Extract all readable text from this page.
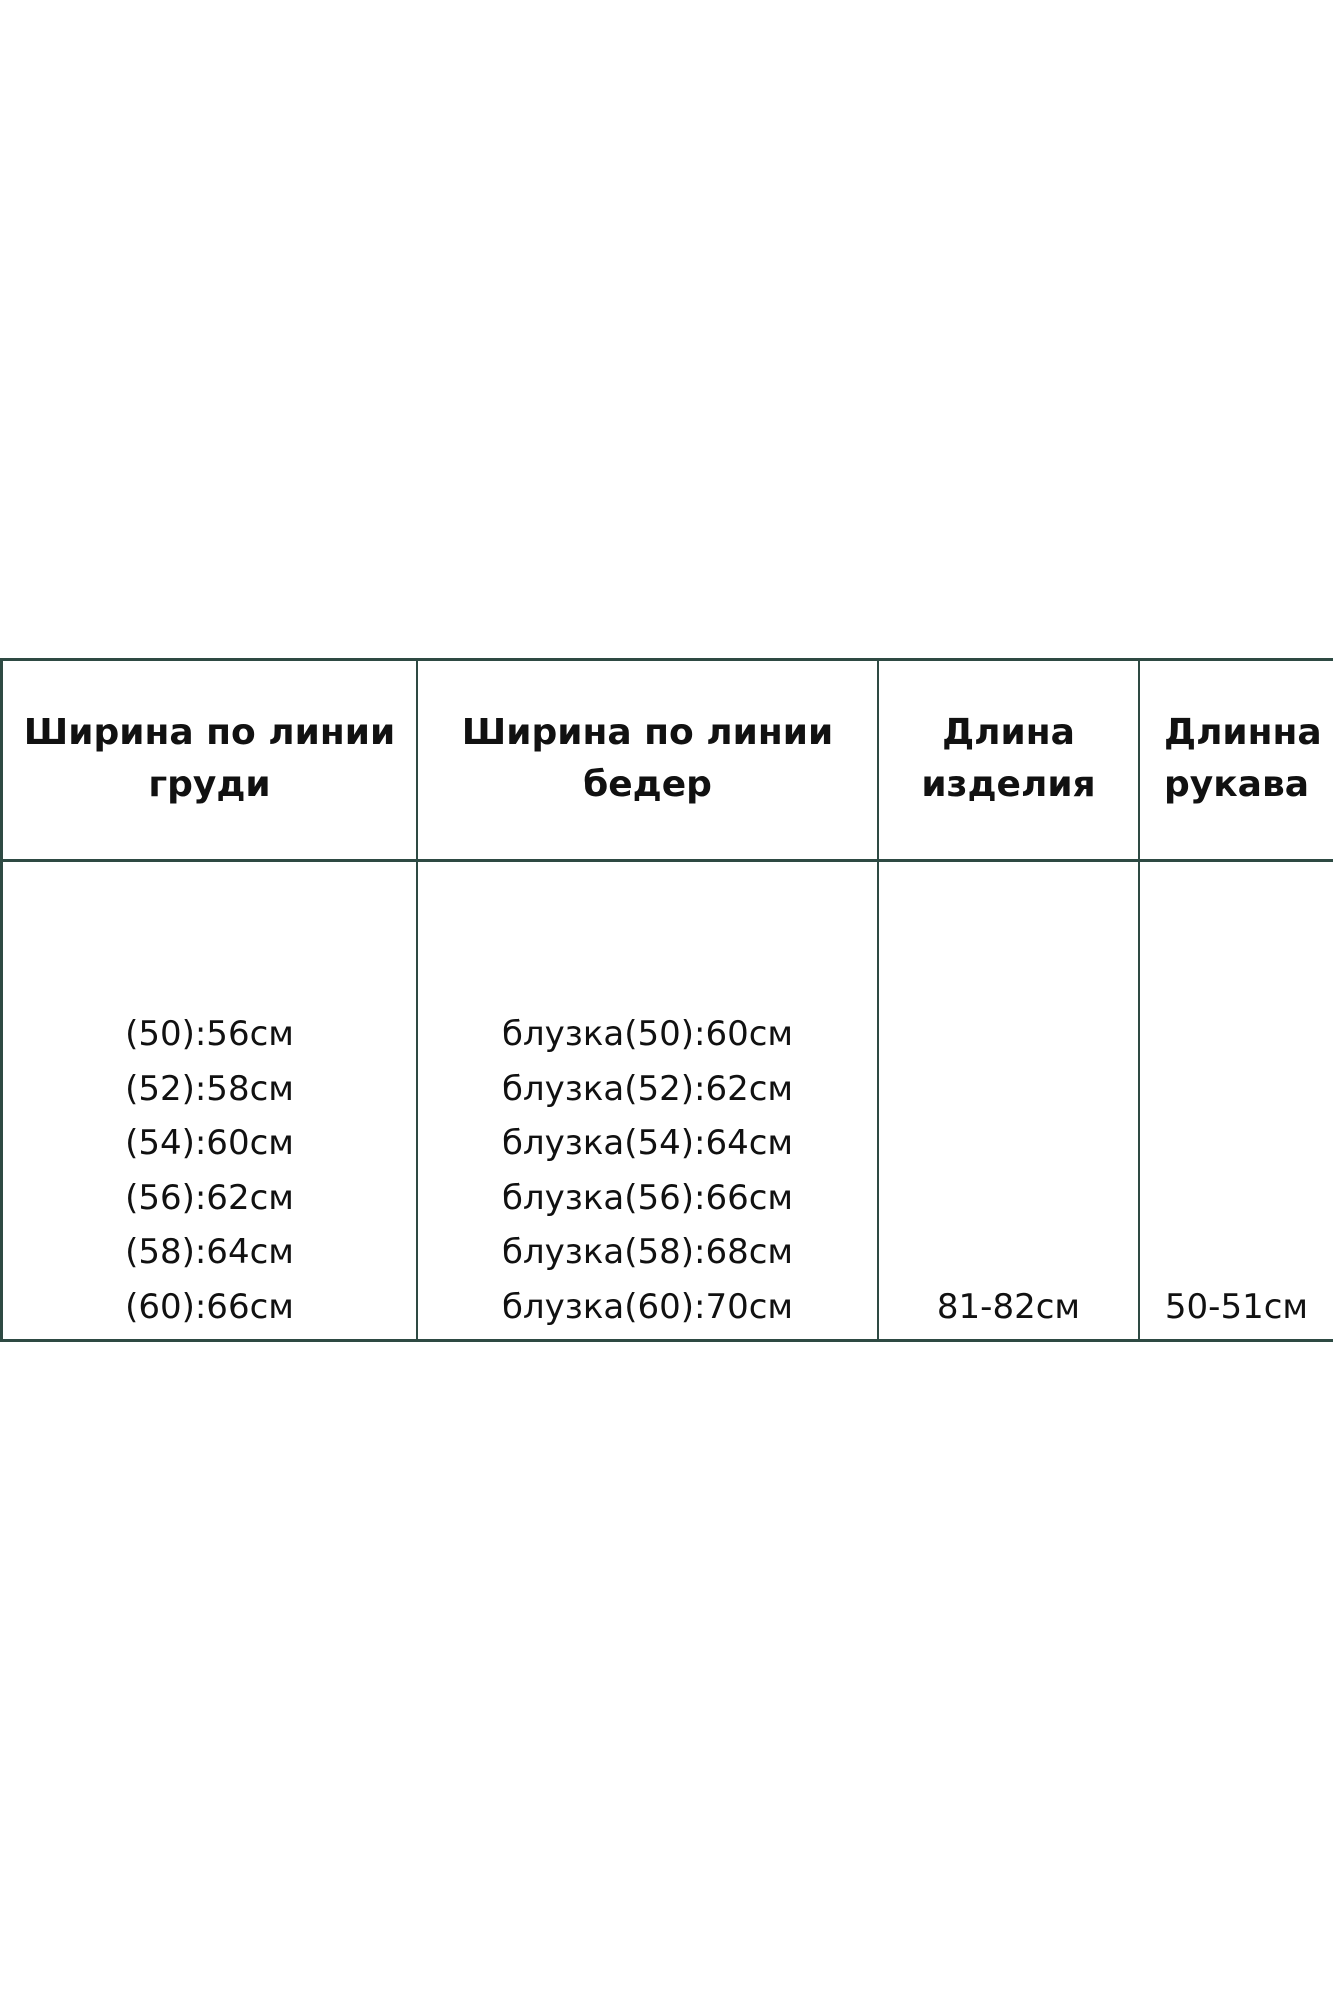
Ширина по линии
груди
Ширина по линии
бедер
Длина
изделия
Длинна
рукава
(50):56см
(52):58см
(54):60см
(56):62см
(58):64см
(60):66см
блузка(50):60см
блузка(52):62см
блузка(54):64см
блузка(56):66см
блузка(58):68см
блузка(60):70см	81-82см 50-51см
